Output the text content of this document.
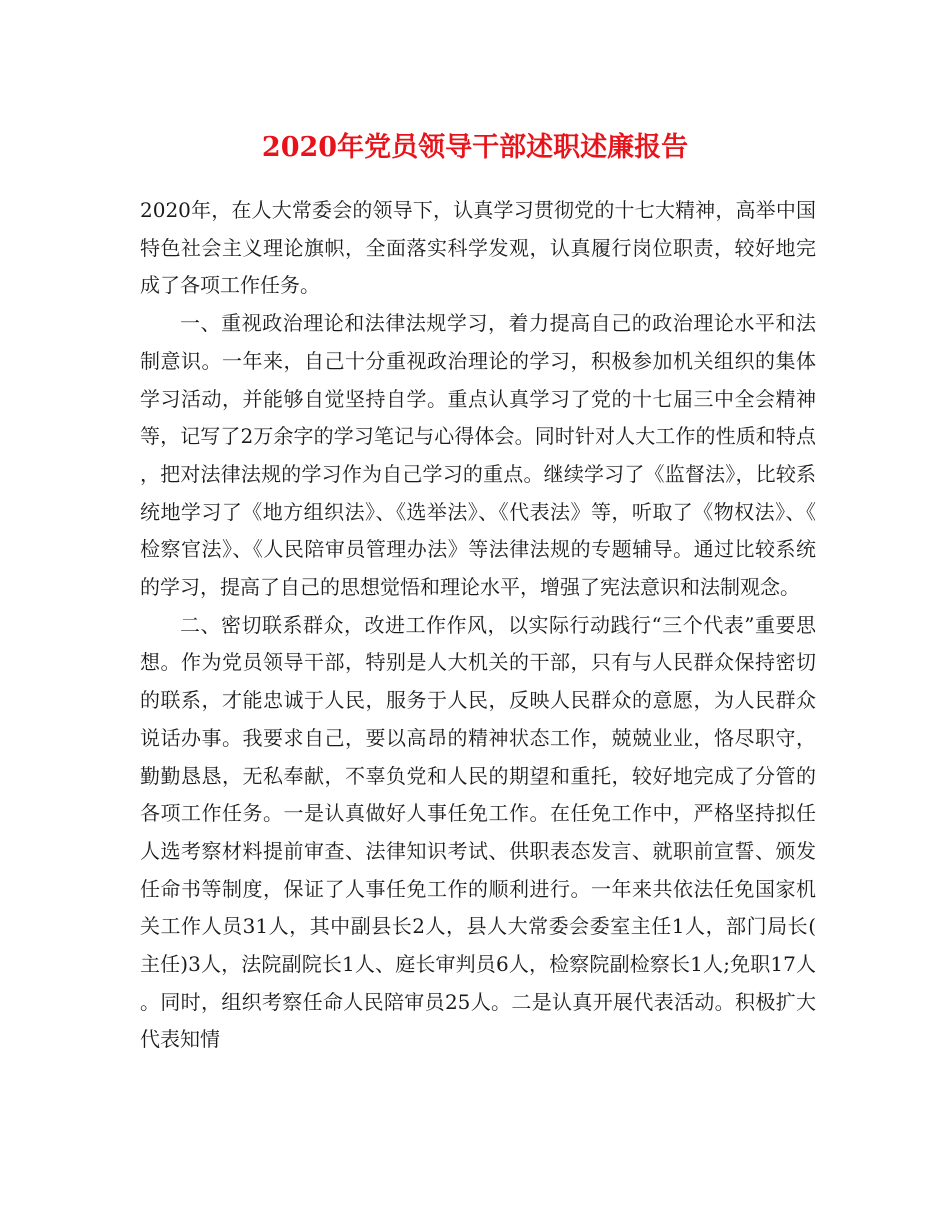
2020年党员领导干部述职述廉报告

2020年，在人大常委会的领导下，认真学习贯彻党的十七大精神，高举中国特色社会主义理论旗帜，全面落实科学发观，认真履行岗位职责，较好地完成了各项工作任务。

一、重视政治理论和法律法规学习，着力提高自己的政治理论水平和法制意识。一年来，自己十分重视政治理论的学习，积极参加机关组织的集体学习活动，并能够自觉坚持自学。重点认真学习了党的十七届三中全会精神等，记写了2万余字的学习笔记与心得体会。同时针对人大工作的性质和特点，把对法律法规的学习作为自己学习的重点。继续学习了《监督法》，比较系统地学习了《地方组织法》、《选举法》、《代表法》等，听取了《物权法》、《检察官法》、《人民陪审员管理办法》等法律法规的专题辅导。通过比较系统的学习，提高了自己的思想觉悟和理论水平，增强了宪法意识和法制观念。

二、密切联系群众，改进工作作风，以实际行动践行“三个代表”重要思想。作为党员领导干部，特别是人大机关的干部，只有与人民群众保持密切的联系，才能忠诚于人民，服务于人民，反映人民群众的意愿，为人民群众说话办事。我要求自己，要以高昂的精神状态工作，兢兢业业，恪尽职守，勤勤恳恳，无私奉献，不辜负党和人民的期望和重托，较好地完成了分管的各项工作任务。一是认真做好人事任免工作。在任免工作中，严格坚持拟任人选考察材料提前审查、法律知识考试、供职表态发言、就职前宣誓、颁发任命书等制度，保证了人事任免工作的顺利进行。一年来共依法任免国家机关工作人员31人，其中副县长2人，县人大常委会委室主任1人，部门局长(主任)3人，法院副院长1人、庭长审判员6人，检察院副检察长1人;免职17人。同时，组织考察任命人民陪审员25人。二是认真开展代表活动。积极扩大代表知情
